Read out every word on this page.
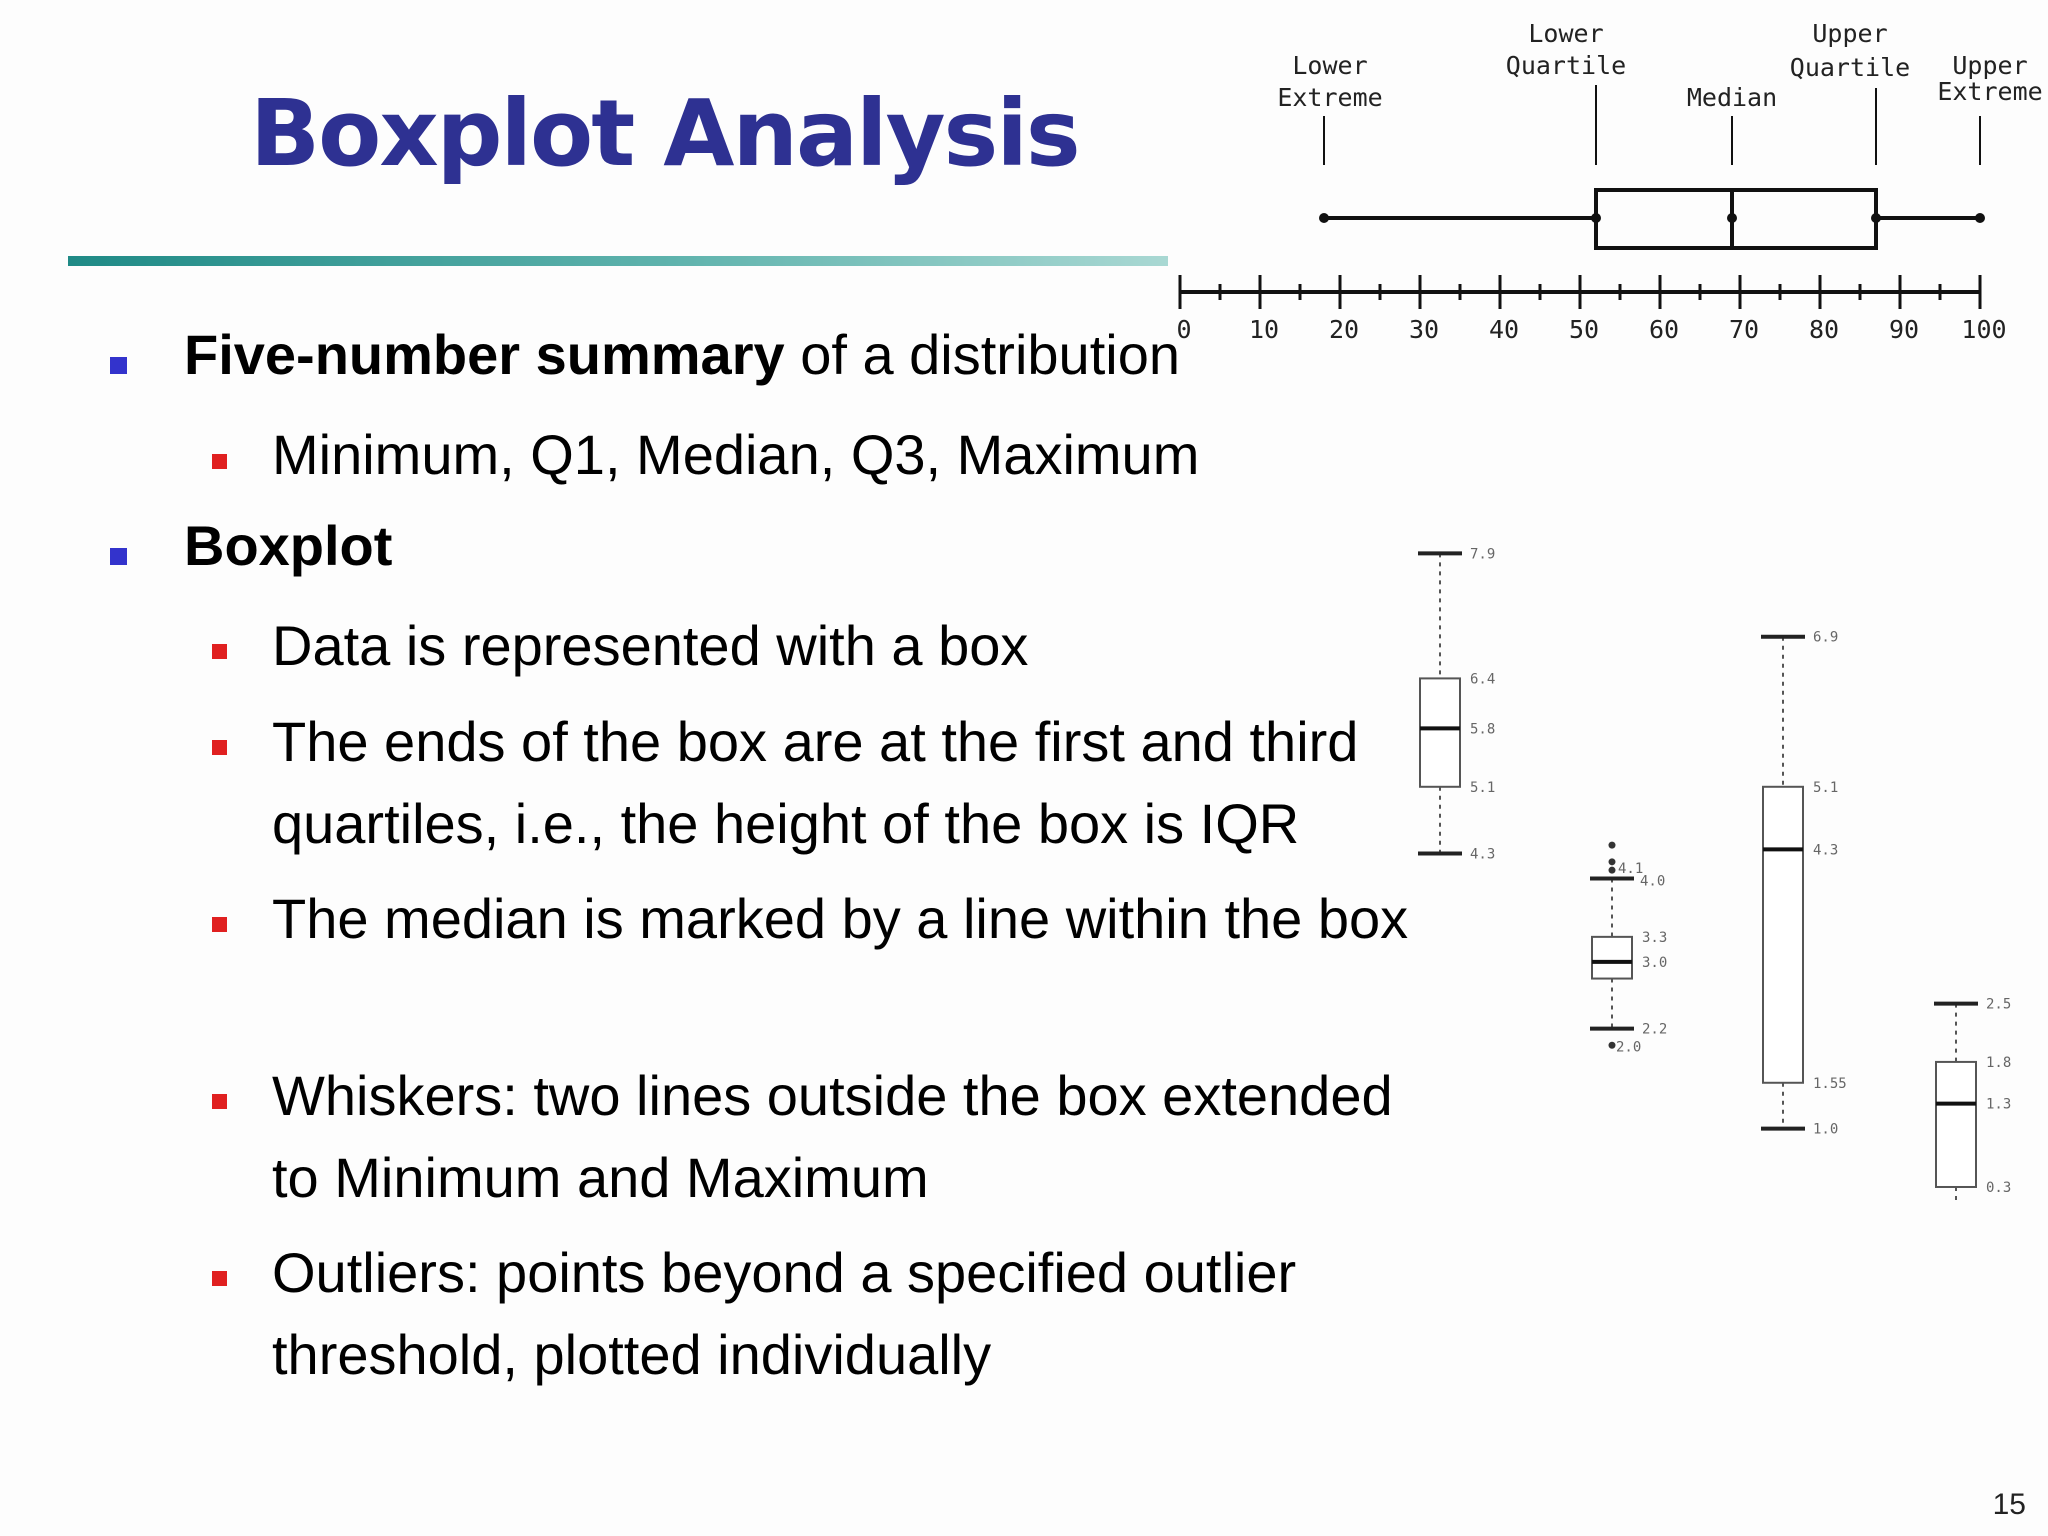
Boxplot Analysis
Five-number summary of a distribution
Minimum, Q1, Median, Q3, Maximum
Boxplot
Data is represented with a box
The ends of the box are at the first and third quartiles, i.e., the height of the box is IQR
The median is marked by a line within the box
Whiskers: two lines outside the box extended to Minimum and Maximum
Outliers: points beyond a specified outlier threshold, plotted individually
Lower
Extreme
Lower
Quartile
Median
Upper
Quartile Upper
Extreme
0 10 20 30 40 50 60 70 80 90 100
7.9
6.4
5.8
5.1
4.3
4.1
4.0
3.3
3.0
2.2
2.0
6.9
5.1
4.3
1.55
1.0
2.5
1.8
1.3
0.3
15
